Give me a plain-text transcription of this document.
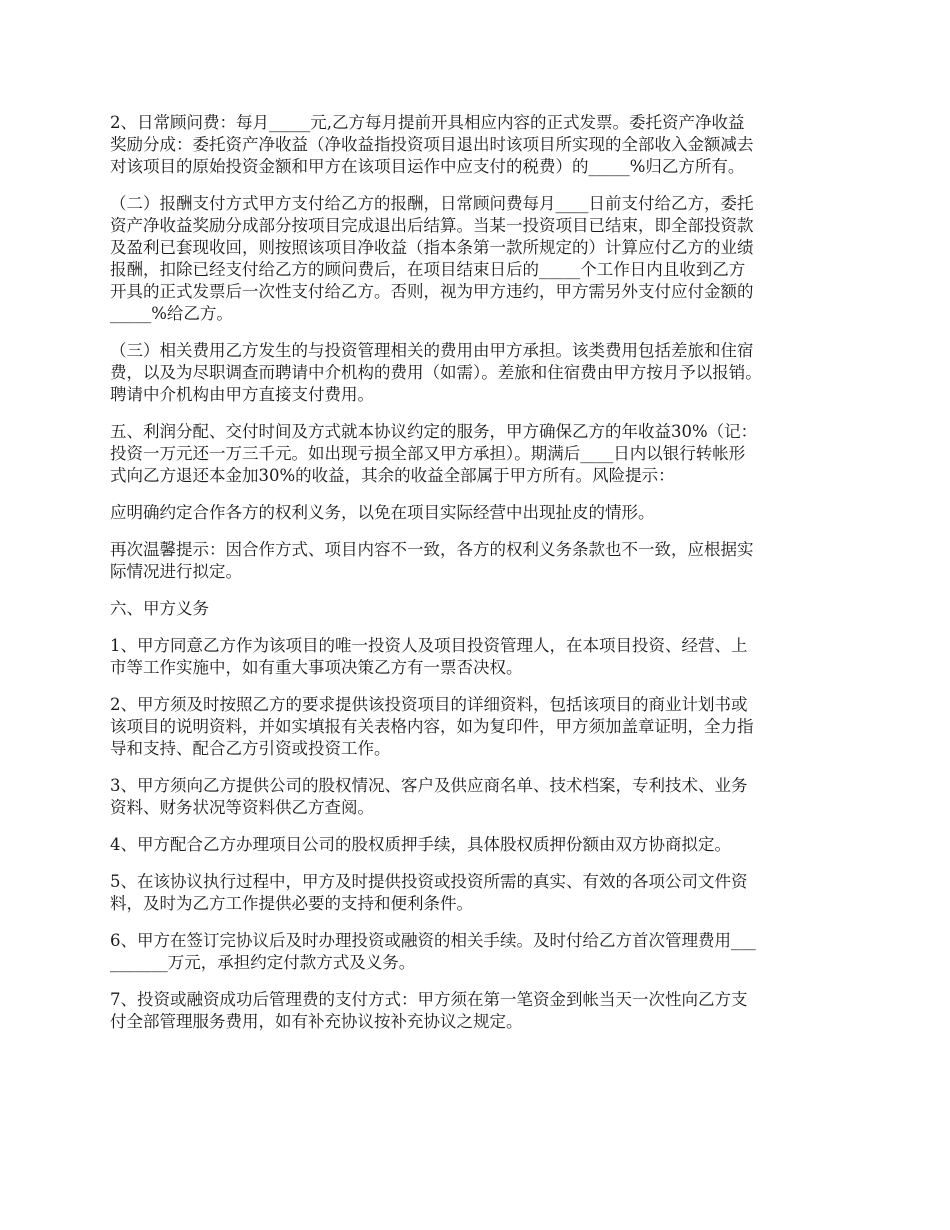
2、日常顾问费：每月_____元,乙方每月提前开具相应内容的正式发票。委托资产净收益
奖励分成：委托资产净收益（净收益指投资项目退出时该项目所实现的全部收入金额减去
对该项目的原始投资金额和甲方在该项目运作中应支付的税费）的_____%归乙方所有。

（二）报酬支付方式甲方支付给乙方的报酬，日常顾问费每月____日前支付给乙方，委托
资产净收益奖励分成部分按项目完成退出后结算。当某一投资项目已结束，即全部投资款
及盈利已套现收回，则按照该项目净收益（指本条第一款所规定的）计算应付乙方的业绩
报酬，扣除已经支付给乙方的顾问费后，在项目结束日后的_____个工作日内且收到乙方
开具的正式发票后一次性支付给乙方。否则，视为甲方违约，甲方需另外支付应付金额的
_____%给乙方。

（三）相关费用乙方发生的与投资管理相关的费用由甲方承担。该类费用包括差旅和住宿
费，以及为尽职调查而聘请中介机构的费用（如需）。差旅和住宿费由甲方按月予以报销。
聘请中介机构由甲方直接支付费用。

五、利润分配、交付时间及方式就本协议约定的服务，甲方确保乙方的年收益30%（记：
投资一万元还一万三千元。如出现亏损全部又甲方承担）。期满后____日内以银行转帐形
式向乙方退还本金加30%的收益，其余的收益全部属于甲方所有。风险提示：

应明确约定合作各方的权利义务，以免在项目实际经营中出现扯皮的情形。

再次温馨提示：因合作方式、项目内容不一致，各方的权利义务条款也不一致，应根据实
际情况进行拟定。

六、甲方义务

1、甲方同意乙方作为该项目的唯一投资人及项目投资管理人，在本项目投资、经营、上
市等工作实施中，如有重大事项决策乙方有一票否决权。

2、甲方须及时按照乙方的要求提供该投资项目的详细资料，包括该项目的商业计划书或
该项目的说明资料，并如实填报有关表格内容，如为复印件，甲方须加盖章证明，全力指
导和支持、配合乙方引资或投资工作。

3、甲方须向乙方提供公司的股权情况、客户及供应商名单、技术档案，专利技术、业务
资料、财务状况等资料供乙方查阅。

4、甲方配合乙方办理项目公司的股权质押手续，具体股权质押份额由双方协商拟定。

5、在该协议执行过程中，甲方及时提供投资或投资所需的真实、有效的各项公司文件资
料，及时为乙方工作提供必要的支持和便利条件。

6、甲方在签订完协议后及时办理投资或融资的相关手续。及时付给乙方首次管理费用___
_______万元，承担约定付款方式及义务。

7、投资或融资成功后管理费的支付方式：甲方须在第一笔资金到帐当天一次性向乙方支
付全部管理服务费用，如有补充协议按补充协议之规定。
